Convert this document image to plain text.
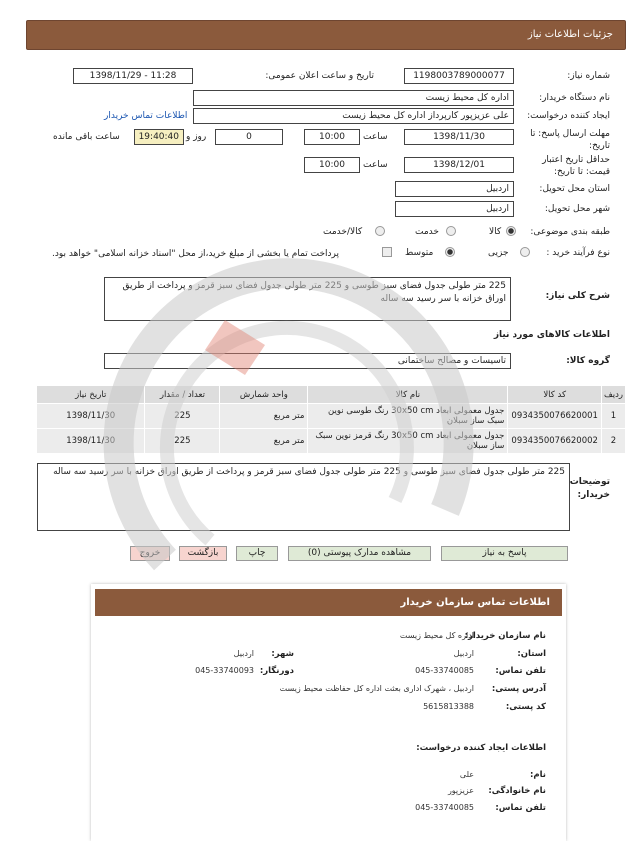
جزئیات اطلاعات نیاز
شماره نیاز:
1198003789000077
تاریخ و ساعت اعلان عمومی:
1398/11/29 - 11:28
نام دستگاه خریدار:
اداره کل محیط زیست
ایجاد کننده درخواست:
علی عزیزپور کارپرداز اداره کل محیط زیست
اطلاعات تماس خریدار
مهلت ارسال پاسخ: تا تاریخ:
1398/11/30
ساعت
10:00
0
روز و
19:40:40
ساعت باقی مانده
حداقل تاریخ اعتبار قیمت: تا تاریخ:
1398/12/01
ساعت
10:00
استان محل تحویل:
اردبیل
شهر محل تحویل:
اردبیل
طبقه بندی موضوعی:
کالا
خدمت
کالا/خدمت
نوع فرآیند خرید :
جزیی
متوسط
پرداخت تمام یا بخشی از مبلغ خرید،از محل "اسناد خزانه اسلامی" خواهد بود.
شرح کلی نیاز:
225 متر طولی جدول فضای سبز طوسی و 225 متر طولی جدول فضای سبز قرمز و پرداخت از طریق اوراق خزانه با سر رسید سه ساله
اطلاعات کالاهای مورد نیاز
گروه کالا:
تاسیسات و مصالح ساختمانی
ردیف	کد کالا	نام کالا	واحد شمارش	تعداد / مقدار	تاریخ نیاز
1	0934350076620001	جدول معمولی ابعاد 30x50 cm رنگ طوسی نوین سبک ساز سبلان	متر مربع	225	1398/11/30
2	0934350076620002	جدول معمولی ابعاد 30x50 cm رنگ قرمز نوین سبک ساز سبلان	متر مربع	225	1398/11/30
توضیحات خریدار:
225 متر طولی جدول فضای سبز طوسی و 225 متر طولی جدول فضای سبز قرمز و پرداخت از طریق اوراق خزانه با سر رسید سه ساله
پاسخ به نیاز
مشاهده مدارک پیوستی (0)
چاپ
بازگشت
خروج
اطلاعات تماس سازمان خریدار
نام سازمان خریدار:
اداره کل محیط زیست
استان:
اردبیل
شهر:
اردبیل
تلفن تماس:
045-33740085
دورنگار:
045-33740093
آدرس پستی:
اردبیل ، شهرک اداری بعثت اداره کل حفاظت محیط زیست
کد پستی:
5615813388
اطلاعات ایجاد کننده درخواست:
نام:
علی
نام خانوادگی:
عزیزپور
تلفن تماس:
045-33740085
